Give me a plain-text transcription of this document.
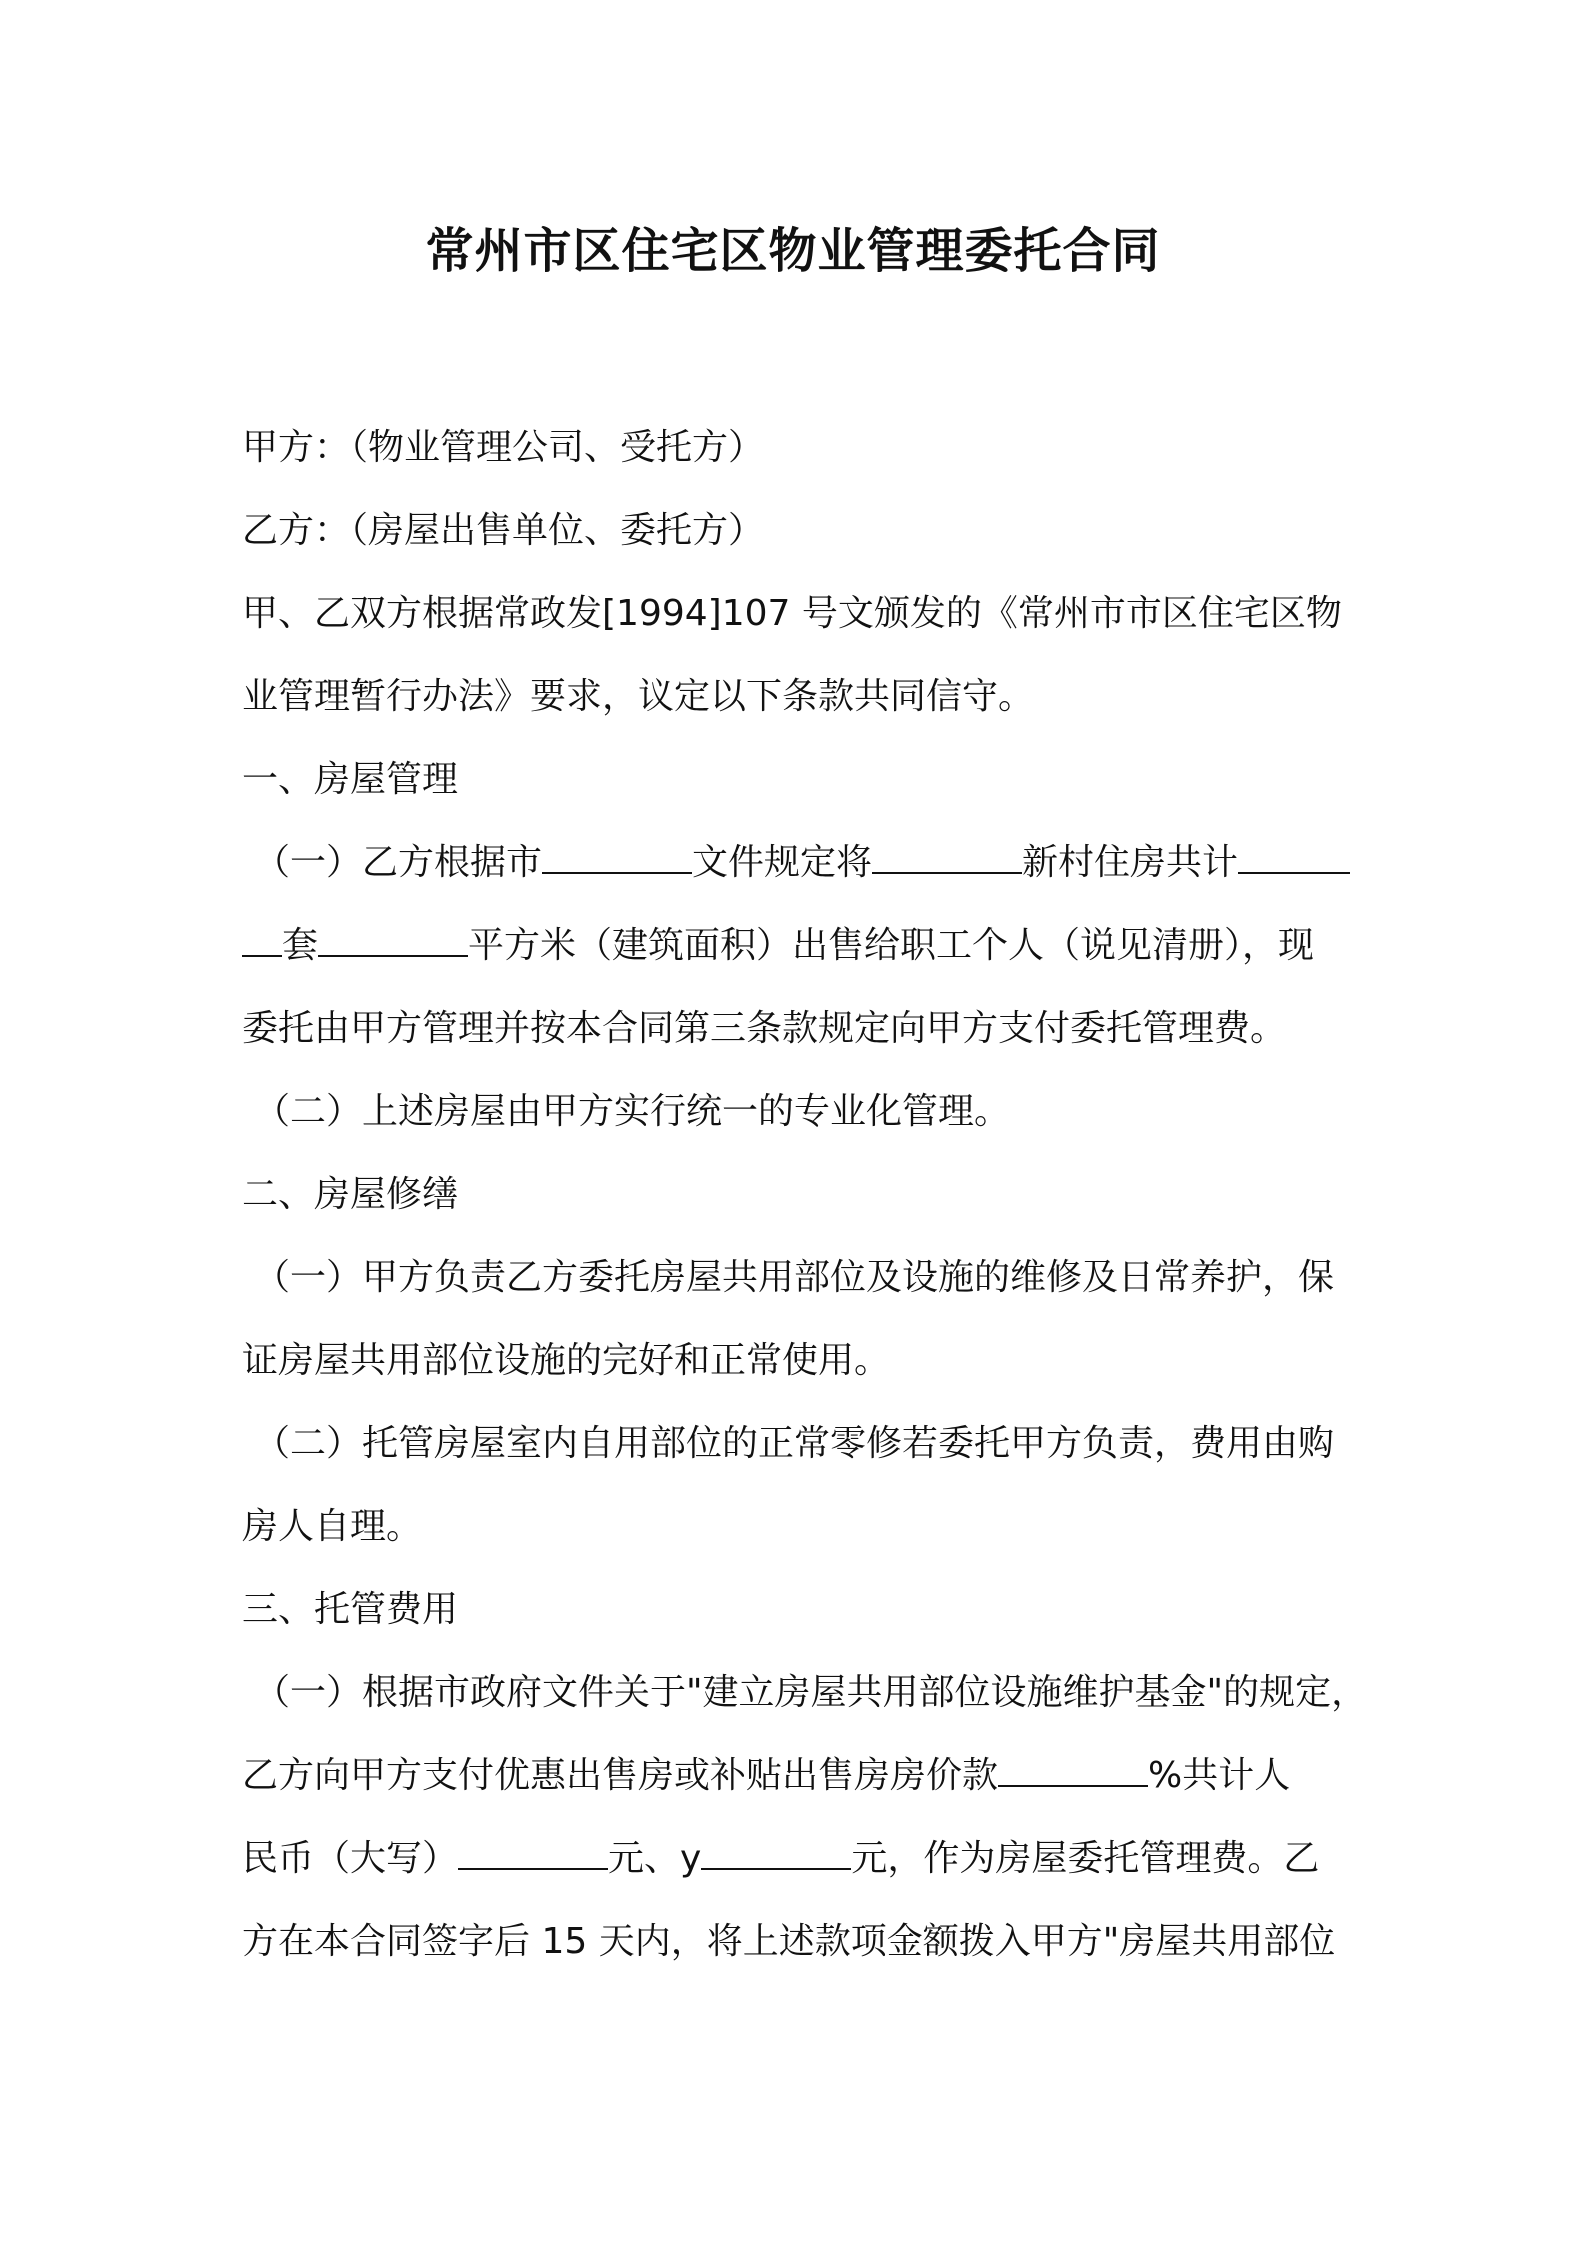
常州市区住宅区物业管理委托合同
甲方：（物业管理公司、受托方）
乙方：（房屋出售单位、委托方）
甲、乙双方根据常政发[1994]107 号文颁发的《常州市市区住宅区物
业管理暂行办法》要求，议定以下条款共同信守。
一、房屋管理
（一）乙方根据市	文件规定将	新村住房共计
套	平方米（建筑面积）出售给职工个人（说见清册），现
委托由甲方管理并按本合同第三条款规定向甲方支付委托管理费。
（二）上述房屋由甲方实行统一的专业化管理。
二、房屋修缮
（一）甲方负责乙方委托房屋共用部位及设施的维修及日常养护，保
证房屋共用部位设施的完好和正常使用。
（二）托管房屋室内自用部位的正常零修若委托甲方负责，费用由购
房人自理。
三、托管费用
（一）根据市政府文件关于"建立房屋共用部位设施维护基金"的规定，
乙方向甲方支付优惠出售房或补贴出售房房价款	%共计人
民币（大写）	元、y	元，作为房屋委托管理费。乙
方在本合同签字后 15 天内，将上述款项金额拨入甲方"房屋共用部位
